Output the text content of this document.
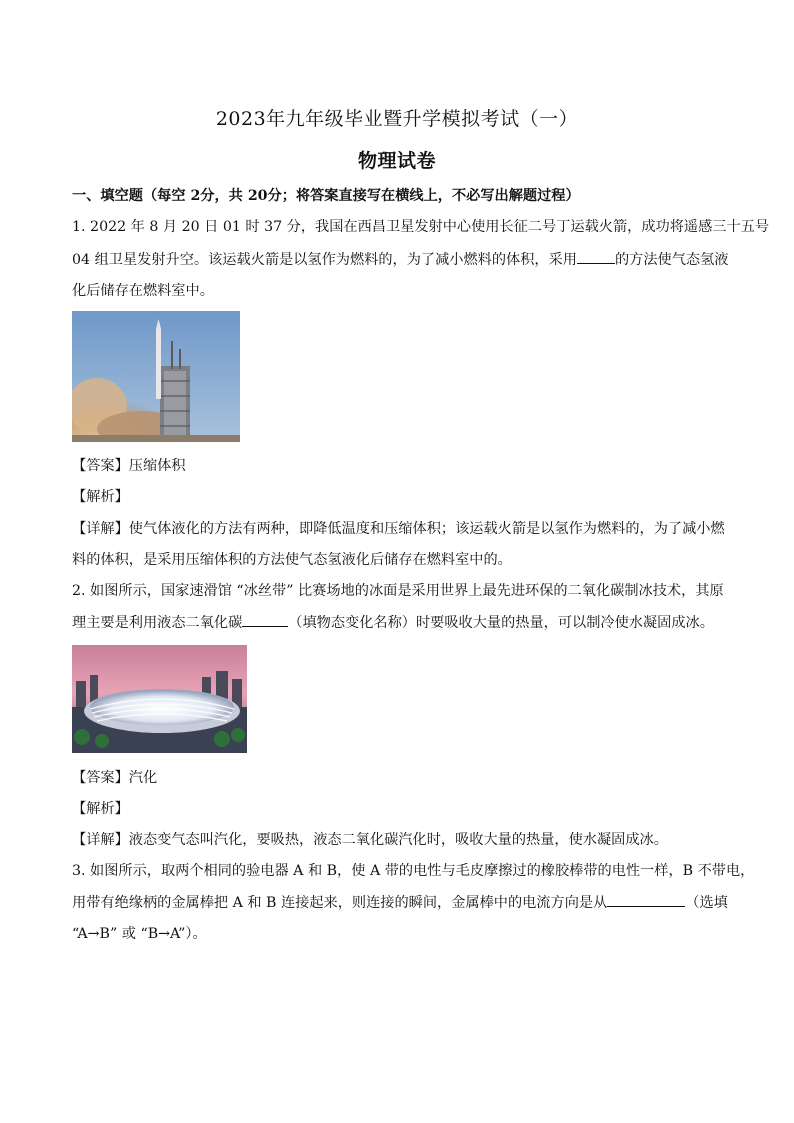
2023年九年级毕业暨升学模拟考试（一）
物理试卷
一、填空题（每空 2分，共 20分；将答案直接写在横线上，不必写出解题过程）
1. 2022 年 8 月 20 日 01 时 37 分，我国在西昌卫星发射中心使用长征二号丁运载火箭，成功将遥感三十五号
04 组卫星发射升空。该运载火箭是以氢作为燃料的，为了减小燃料的体积，采用	的方法使气态氢液
化后储存在燃料室中。
【答案】压缩体积
【解析】
【详解】使气体液化的方法有两种，即降低温度和压缩体积；该运载火箭是以氢作为燃料的，为了减小燃
料的体积，是采用压缩体积的方法使气态氢液化后储存在燃料室中的。
2. 如图所示，国家速滑馆 “冰丝带” 比赛场地的冰面是采用世界上最先进环保的二氧化碳制冰技术，其原
理主要是利用液态二氧化碳	（填物态变化名称）时要吸收大量的热量，可以制冷使水凝固成冰。
【答案】汽化
【解析】
【详解】液态变气态叫汽化，要吸热，液态二氧化碳汽化时，吸收大量的热量，使水凝固成冰。
3. 如图所示，取两个相同的验电器 A 和 B，使 A 带的电性与毛皮摩擦过的橡胶棒带的电性一样，B 不带电，
用带有绝缘柄的金属棒把 A 和 B 连接起来，则连接的瞬间，金属棒中的电流方向是从	（选填
“A→B” 或 “B→A”）。
